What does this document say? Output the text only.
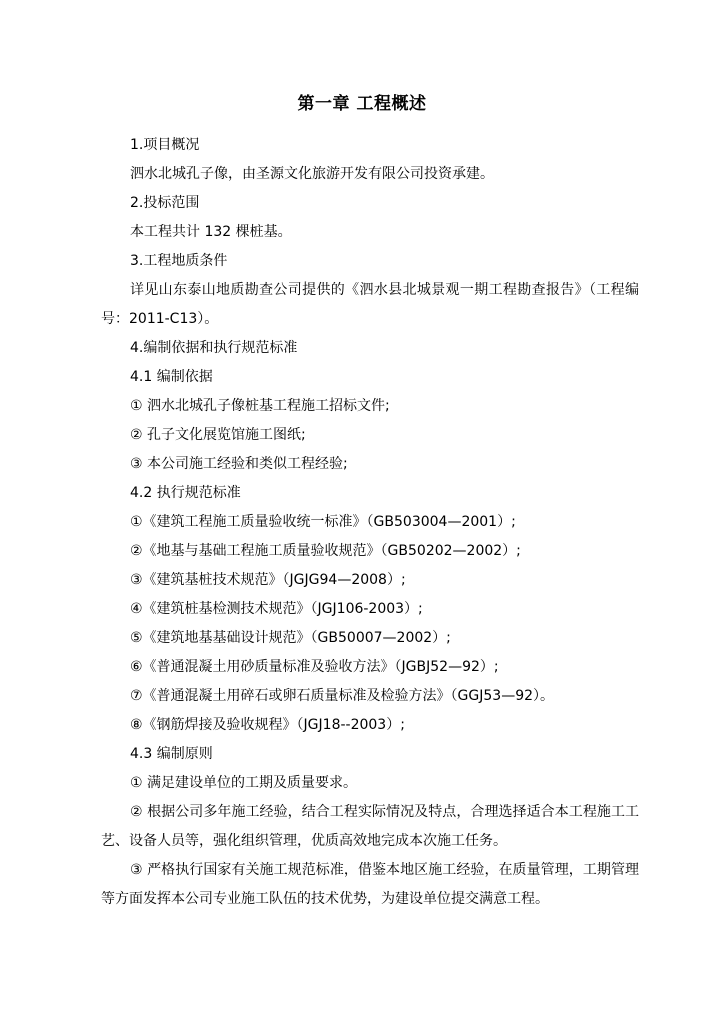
第一章 工程概述

1.项目概况

泗水北城孔子像，由圣源文化旅游开发有限公司投资承建。

2.投标范围

本工程共计 132 棵桩基。

3.工程地质条件

详见山东泰山地质勘查公司提供的《泗水县北城景观一期工程勘查报告》（工程编号：2011-C13）。

4.编制依据和执行规范标准

4.1 编制依据

① 泗水北城孔子像桩基工程施工招标文件;

② 孔子文化展览馆施工图纸;

③ 本公司施工经验和类似工程经验;

4.2 执行规范标准

①《建筑工程施工质量验收统一标准》（GB503004—2001）;

②《地基与基础工程施工质量验收规范》（GB50202—2002）;

③《建筑基桩技术规范》（JGJG94—2008）;

④《建筑桩基检测技术规范》（JGJ106-2003）;

⑤《建筑地基基础设计规范》（GB50007—2002）;

⑥《普通混凝土用砂质量标准及验收方法》（JGBJ52—92）;

⑦《普通混凝土用碎石或卵石质量标准及检验方法》（GGJ53—92）。

⑧《钢筋焊接及验收规程》（JGJ18--2003）;

4.3 编制原则

① 满足建设单位的工期及质量要求。

② 根据公司多年施工经验，结合工程实际情况及特点，合理选择适合本工程施工工艺、设备人员等，强化组织管理，优质高效地完成本次施工任务。

③ 严格执行国家有关施工规范标准，借鉴本地区施工经验，在质量管理，工期管理等方面发挥本公司专业施工队伍的技术优势，为建设单位提交满意工程。
